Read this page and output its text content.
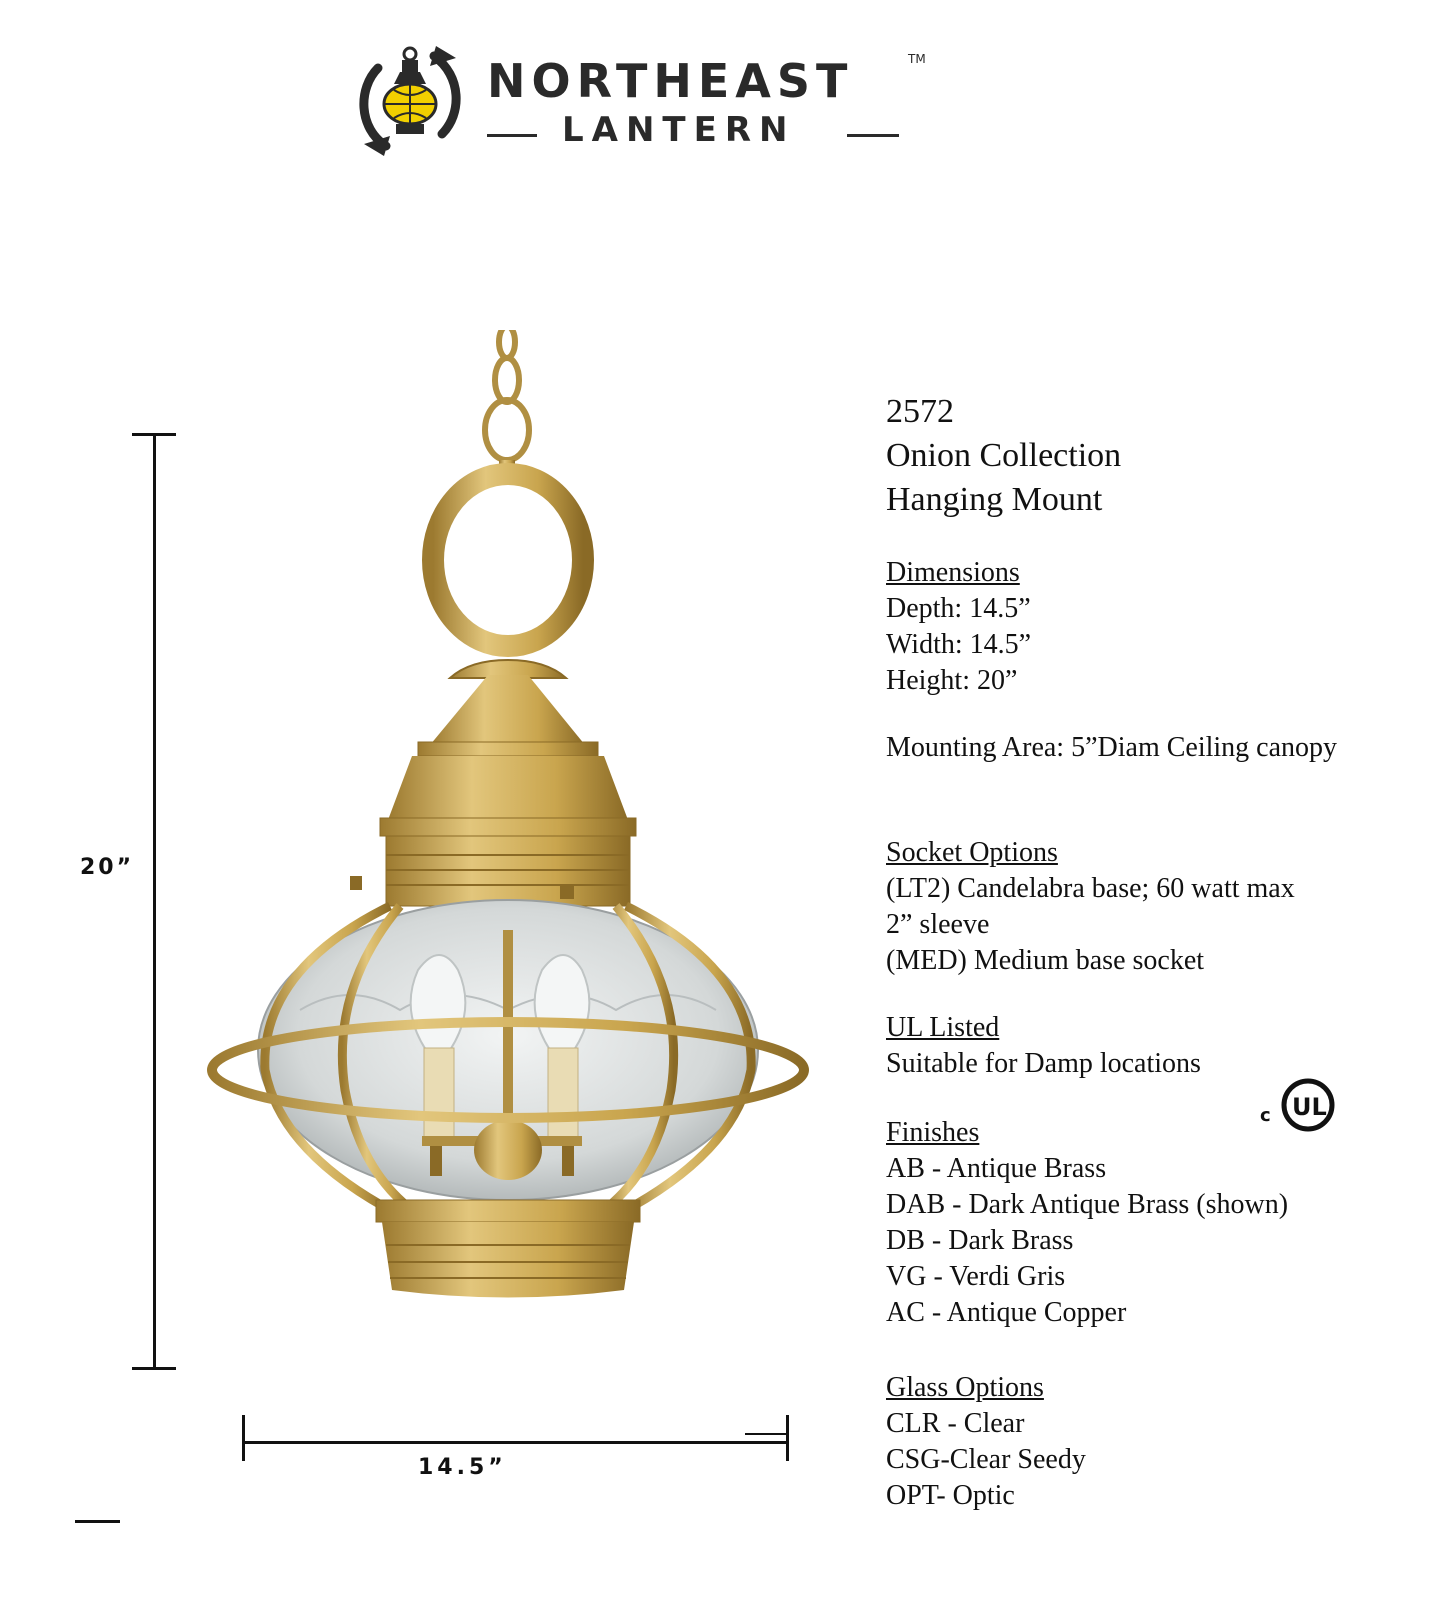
NORTHEAST	TM
LANTERN
20”
14.5”
2572
Onion Collection
Hanging Mount
Dimensions
Depth: 14.5”
Width: 14.5”
Height: 20”
Mounting Area: 5”Diam Ceiling canopy
Socket Options
(LT2) Candelabra base; 60 watt max
2” sleeve
(MED) Medium base socket
UL Listed
Suitable for Damp locations
c UL
Finishes
AB - Antique Brass
DAB - Dark Antique Brass (shown)
DB - Dark Brass
VG - Verdi Gris
AC - Antique Copper
Glass Options
CLR - Clear
CSG-Clear Seedy
OPT- Optic
